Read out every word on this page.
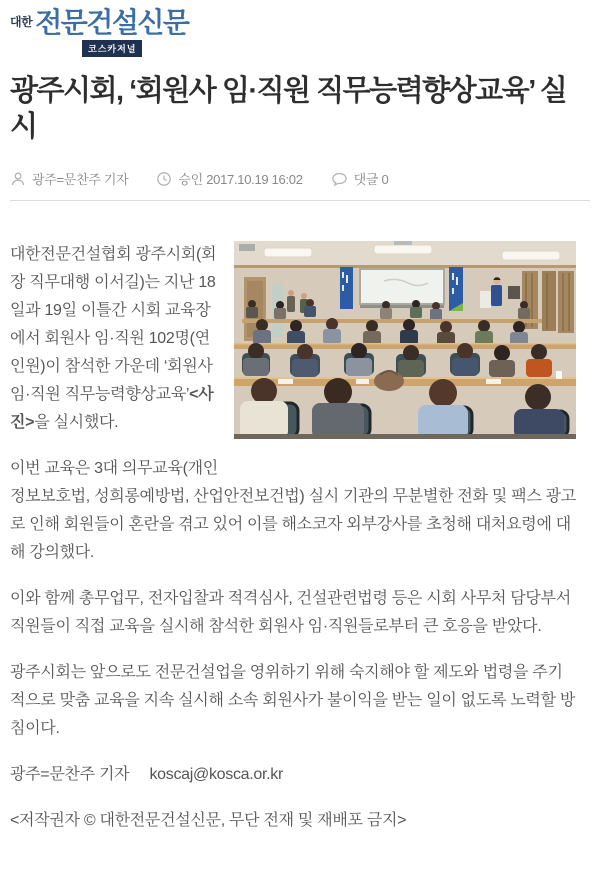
대한 전문건설신문
코스카저널
광주시회, ‘회원사 임·직원 직무능력향상교육’ 실시
광주=문찬주 기자	승인 2017.10.19 16:02	댓글 0

대한전문건설협회 광주시회(회장 직무대행 이서길)는 지난 18일과 19일 이틀간 시회 교육장에서 회원사 임·직원 102명(연인원)이 참석한 가운데 ‘회원사 임·직원 직무능력향상교육’<사진>을 실시했다.

이번 교육은 3대 의무교육(개인정보보호법, 성희롱예방법, 산업안전보건법) 실시 기관의 무분별한 전화 및 팩스 광고로 인해 회원들이 혼란을 겪고 있어 이를 해소코자 외부강사를 초청해 대처요령에 대해 강의했다.

이와 함께 총무업무, 전자입찰과 적격심사, 건설관련법령 등은 시회 사무처 담당부서 직원들이 직접 교육을 실시해 참석한 회원사 임·직원들로부터 큰 호응을 받았다.

광주시회는 앞으로도 전문건설업을 영위하기 위해 숙지해야 할 제도와 법령을 주기적으로 맞춤 교육을 지속 실시해 소속 회원사가 불이익을 받는 일이 없도록 노력할 방침이다.

광주=문찬주 기자 koscaj@kosca.or.kr

<저작권자 © 대한전문건설신문, 무단 전재 및 재배포 금지>
